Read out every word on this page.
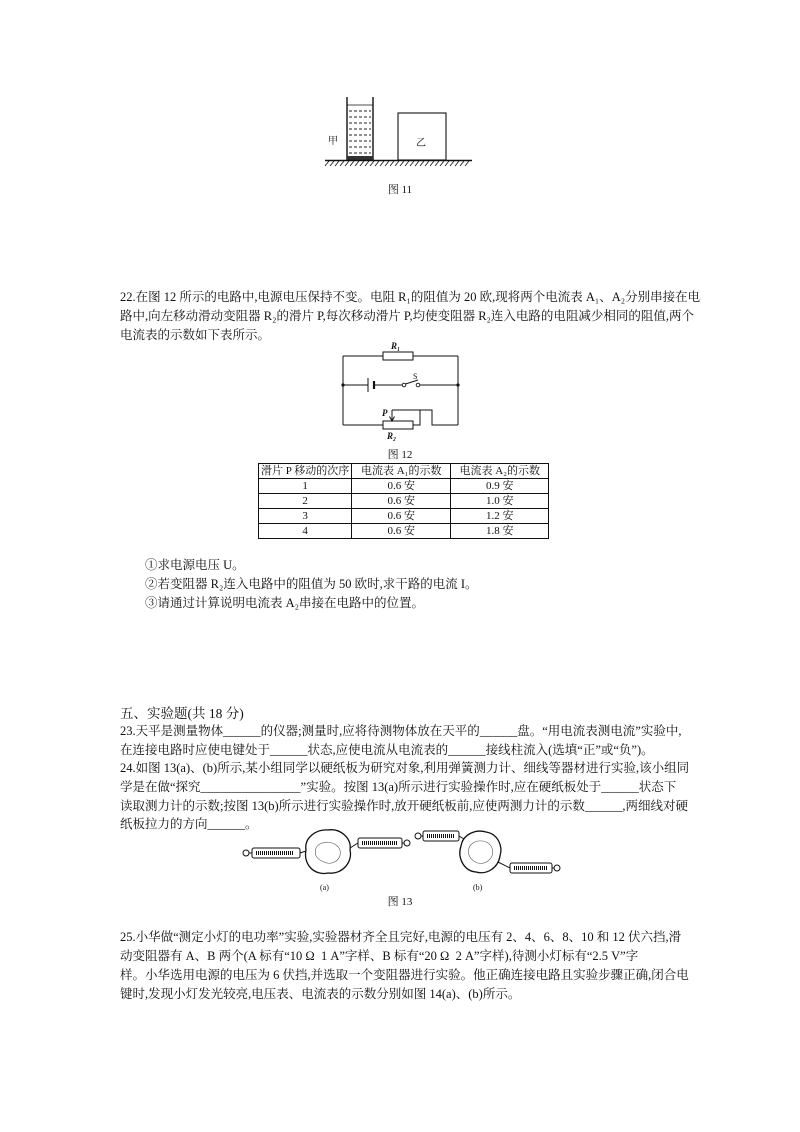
甲	乙
图 11
22.在图 12 所示的电路中,电源电压保持不变。电阻 R₁的阻值为 20 欧,现将两个电流表 A₁、A₂分别串接在电
路中,向左移动滑动变阻器 R₂的滑片 P,每次移动滑片 P,均使变阻器 R₂连入电路的电阻减少相同的阻值,两个
电流表的示数如下表所示。
R₁
S
P
R₂
图 12
滑片 P 移动的次序	电流表 A₁的示数	电流表 A₂的示数
1	0.6 安	0.9 安
2	0.6 安	1.0 安
3	0.6 安	1.2 安
4	0.6 安	1.8 安
①求电源电压 U。
②若变阻器 R₂连入电路中的阻值为 50 欧时,求干路的电流 I。
③请通过计算说明电流表 A₂串接在电路中的位置。
五、实验题(共 18 分)
23.天平是测量物体______的仪器;测量时,应将待测物体放在天平的______盘。“用电流表测电流”实验中,
在连接电路时应使电键处于______状态,应使电流从电流表的______接线柱流入(选填“正”或“负”)。
24.如图 13(a)、(b)所示,某小组同学以硬纸板为研究对象,利用弹簧测力计、细线等器材进行实验,该小组同
学是在做“探究________________”实验。按图 13(a)所示进行实验操作时,应在硬纸板处于______状态下
读取测力计的示数;按图 13(b)所示进行实验操作时,放开硬纸板前,应使两测力计的示数______,两细线对硬
纸板拉力的方向______。
(a)	(b)
图 13
25.小华做“测定小灯的电功率”实验,实验器材齐全且完好,电源的电压有 2、4、6、8、10 和 12 伏六挡,滑
动变阻器有 A、B 两个(A 标有“10 Ω  1 A”字样、B 标有“20 Ω  2 A”字样),待测小灯标有“2.5 V”字
样。小华选用电源的电压为 6 伏挡,并选取一个变阻器进行实验。他正确连接电路且实验步骤正确,闭合电
键时,发现小灯发光较亮,电压表、电流表的示数分别如图 14(a)、(b)所示。
